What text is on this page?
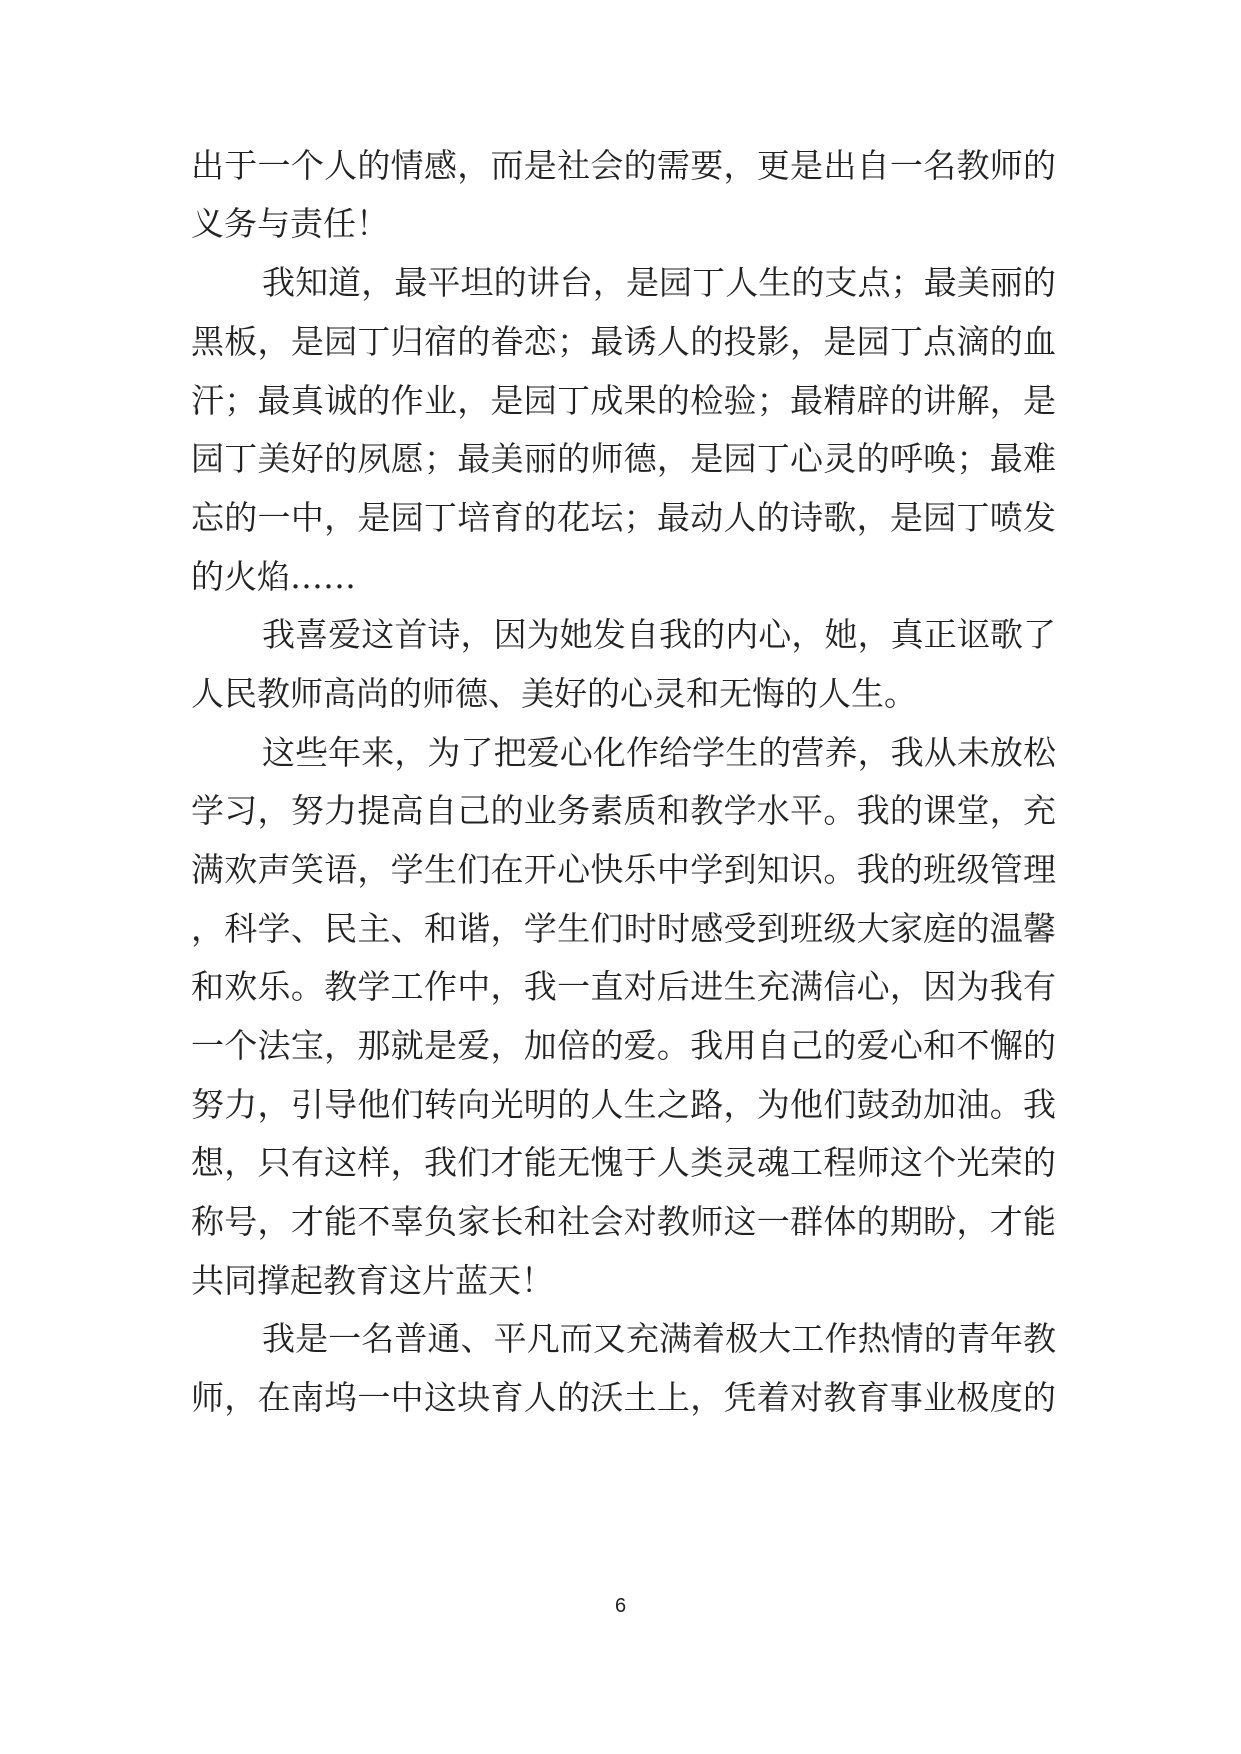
出于一个人的情感，而是社会的需要，更是出自一名教师的

义务与责任！

我知道，最平坦的讲台，是园丁人生的支点；最美丽的

黑板，是园丁归宿的眷恋；最诱人的投影，是园丁点滴的血

汗；最真诚的作业，是园丁成果的检验；最精辟的讲解，是

园丁美好的夙愿；最美丽的师德，是园丁心灵的呼唤；最难

忘的一中，是园丁培育的花坛；最动人的诗歌，是园丁喷发

的火焰……

我喜爱这首诗，因为她发自我的内心，她，真正讴歌了

人民教师高尚的师德、美好的心灵和无悔的人生。

这些年来，为了把爱心化作给学生的营养，我从未放松

学习，努力提高自己的业务素质和教学水平。我的课堂，充

满欢声笑语，学生们在开心快乐中学到知识。我的班级管理

，科学、民主、和谐，学生们时时感受到班级大家庭的温馨

和欢乐。教学工作中，我一直对后进生充满信心，因为我有

一个法宝，那就是爱，加倍的爱。我用自己的爱心和不懈的

努力，引导他们转向光明的人生之路，为他们鼓劲加油。我

想，只有这样，我们才能无愧于人类灵魂工程师这个光荣的

称号，才能不辜负家长和社会对教师这一群体的期盼，才能

共同撑起教育这片蓝天！

我是一名普通、平凡而又充满着极大工作热情的青年教

师，在南坞一中这块育人的沃土上，凭着对教育事业极度的

6
